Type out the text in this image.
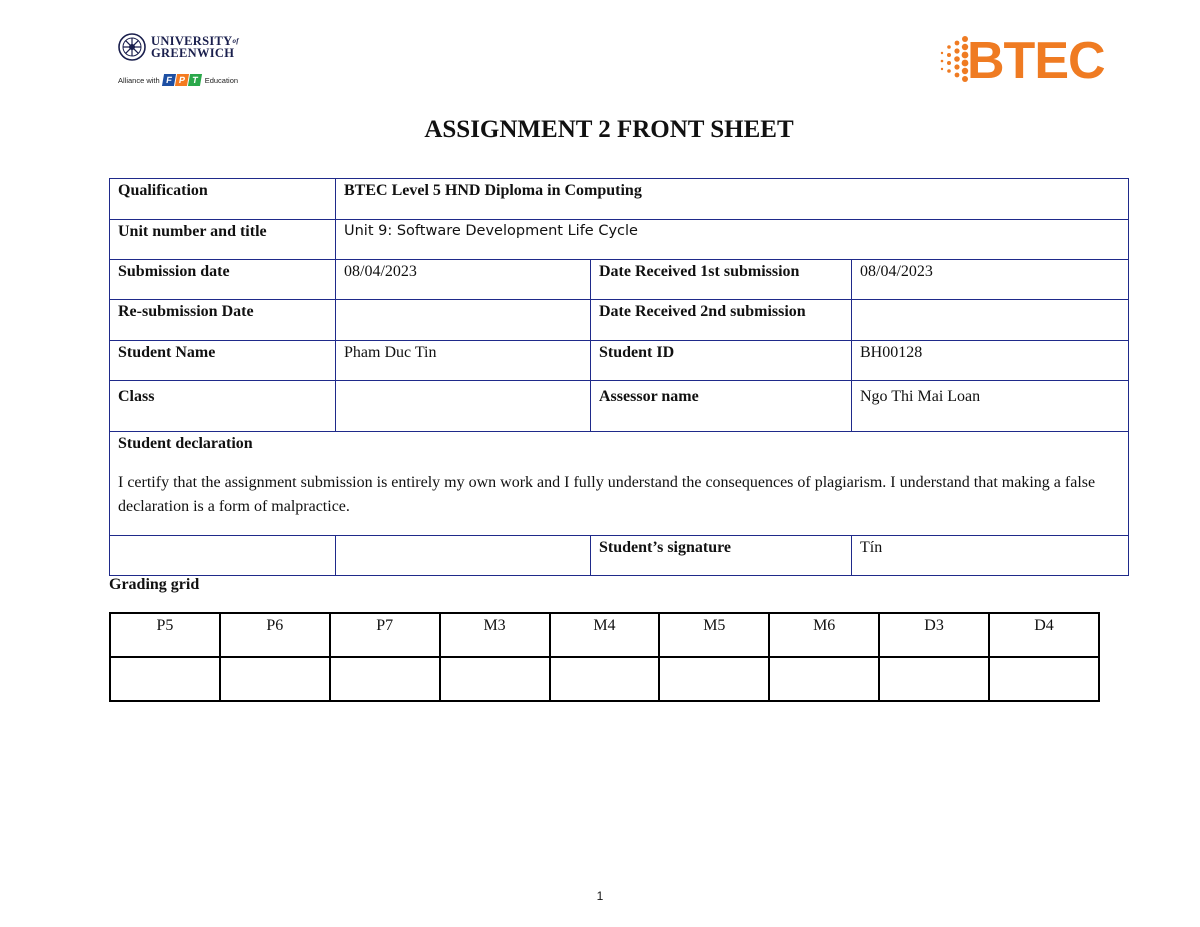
$UNIVERSITY^{of}$
GREENWICH
Alliance with F P T Education	BTEC
ASSIGNMENT 2 FRONT SHEET
Qualification	BTEC Level 5 HND Diploma in Computing		
Unit number and title	Unit 9: Software Development Life Cycle		
Submission date	08/04/2023	Date Received 1st submission	08/04/2023
Re-submission Date		Date Received 2nd submission	
Student Name	Pham Duc Tin	Student ID	BH00128
Class		Assessor name	Ngo Thi Mai Loan

Student declaration
I certify that the assignment submission is entirely my own work and I fully understand the consequences of plagiarism. I understand that making a false declaration is a form of malpractice.			

		Student’s signature	Tín
Grading grid
P5	P6	P7	M3	M4	M5	M6	D3	D4

1
